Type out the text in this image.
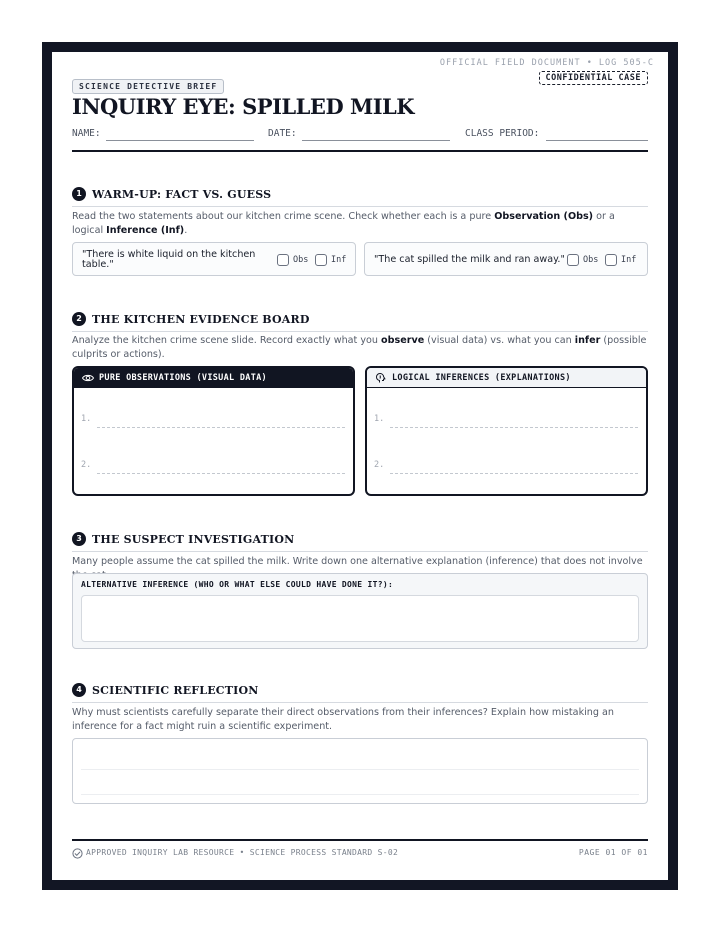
OFFICIAL FIELD DOCUMENT • LOG 505-C
CONFIDENTIAL CASE
SCIENCE DETECTIVE BRIEF
INQUIRY EYE: SPILLED MILK
NAME:	DATE:	CLASS PERIOD:
1 WARM-UP: FACT VS. GUESS
Read the two statements about our kitchen crime scene. Check whether each is a pure Observation (Obs) or a logical Inference (Inf).
"There is white liquid on the kitchen table."	Obs	Inf	"The cat spilled the milk and ran away."	Obs	Inf
2 THE KITCHEN EVIDENCE BOARD
Analyze the kitchen crime scene slide. Record exactly what you observe (visual data) vs. what you can infer (possible culprits or actions).
PURE OBSERVATIONS (VISUAL DATA)
1.
2.
LOGICAL INFERENCES (EXPLANATIONS)
1.
2.
3 THE SUSPECT INVESTIGATION
Many people assume the cat spilled the milk. Write down one alternative explanation (inference) that does not involve
ALTERNATIVE INFERENCE (WHO OR WHAT ELSE COULD HAVE DONE IT?):
4 SCIENTIFIC REFLECTION
Why must scientists carefully separate their direct observations from their inferences? Explain how mistaking an inference for a fact might ruin a scientific experiment.
APPROVED INQUIRY LAB RESOURCE • SCIENCE PROCESS STANDARD S-02	PAGE 01 OF 01
